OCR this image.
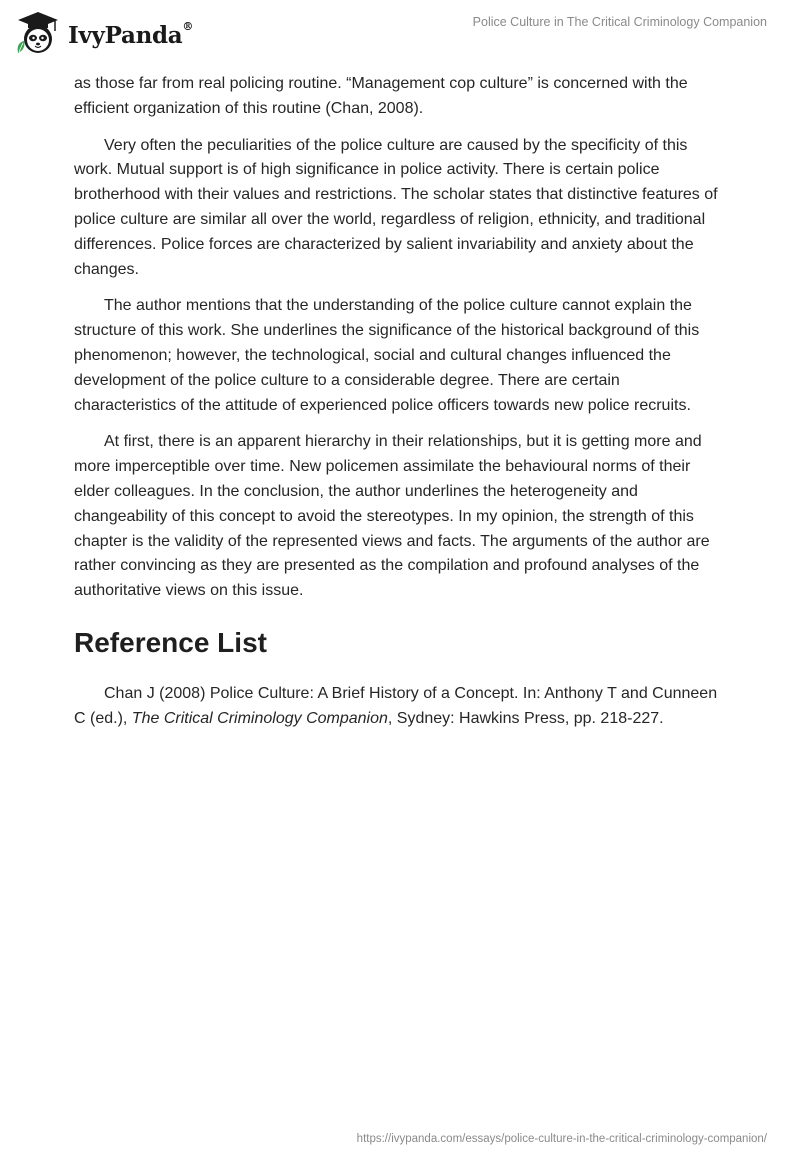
IvyPanda®	Police Culture in The Critical Criminology Companion

as those far from real policing routine. “Management cop culture” is concerned with the efficient organization of this routine (Chan, 2008).

Very often the peculiarities of the police culture are caused by the specificity of this work. Mutual support is of high significance in police activity. There is certain police brotherhood with their values and restrictions. The scholar states that distinctive features of police culture are similar all over the world, regardless of religion, ethnicity, and traditional differences. Police forces are characterized by salient invariability and anxiety about the changes.

The author mentions that the understanding of the police culture cannot explain the structure of this work. She underlines the significance of the historical background of this phenomenon; however, the technological, social and cultural changes influenced the development of the police culture to a considerable degree. There are certain characteristics of the attitude of experienced police officers towards new police recruits.

At first, there is an apparent hierarchy in their relationships, but it is getting more and more imperceptible over time. New policemen assimilate the behavioural norms of their elder colleagues. In the conclusion, the author underlines the heterogeneity and changeability of this concept to avoid the stereotypes. In my opinion, the strength of this chapter is the validity of the represented views and facts. The arguments of the author are rather convincing as they are presented as the compilation and profound analyses of the authoritative views on this issue.

Reference List

Chan J (2008) Police Culture: A Brief History of a Concept. In: Anthony T and Cunneen C (ed.), The Critical Criminology Companion, Sydney: Hawkins Press, pp. 218-227.

https://ivypanda.com/essays/police-culture-in-the-critical-criminology-companion/
